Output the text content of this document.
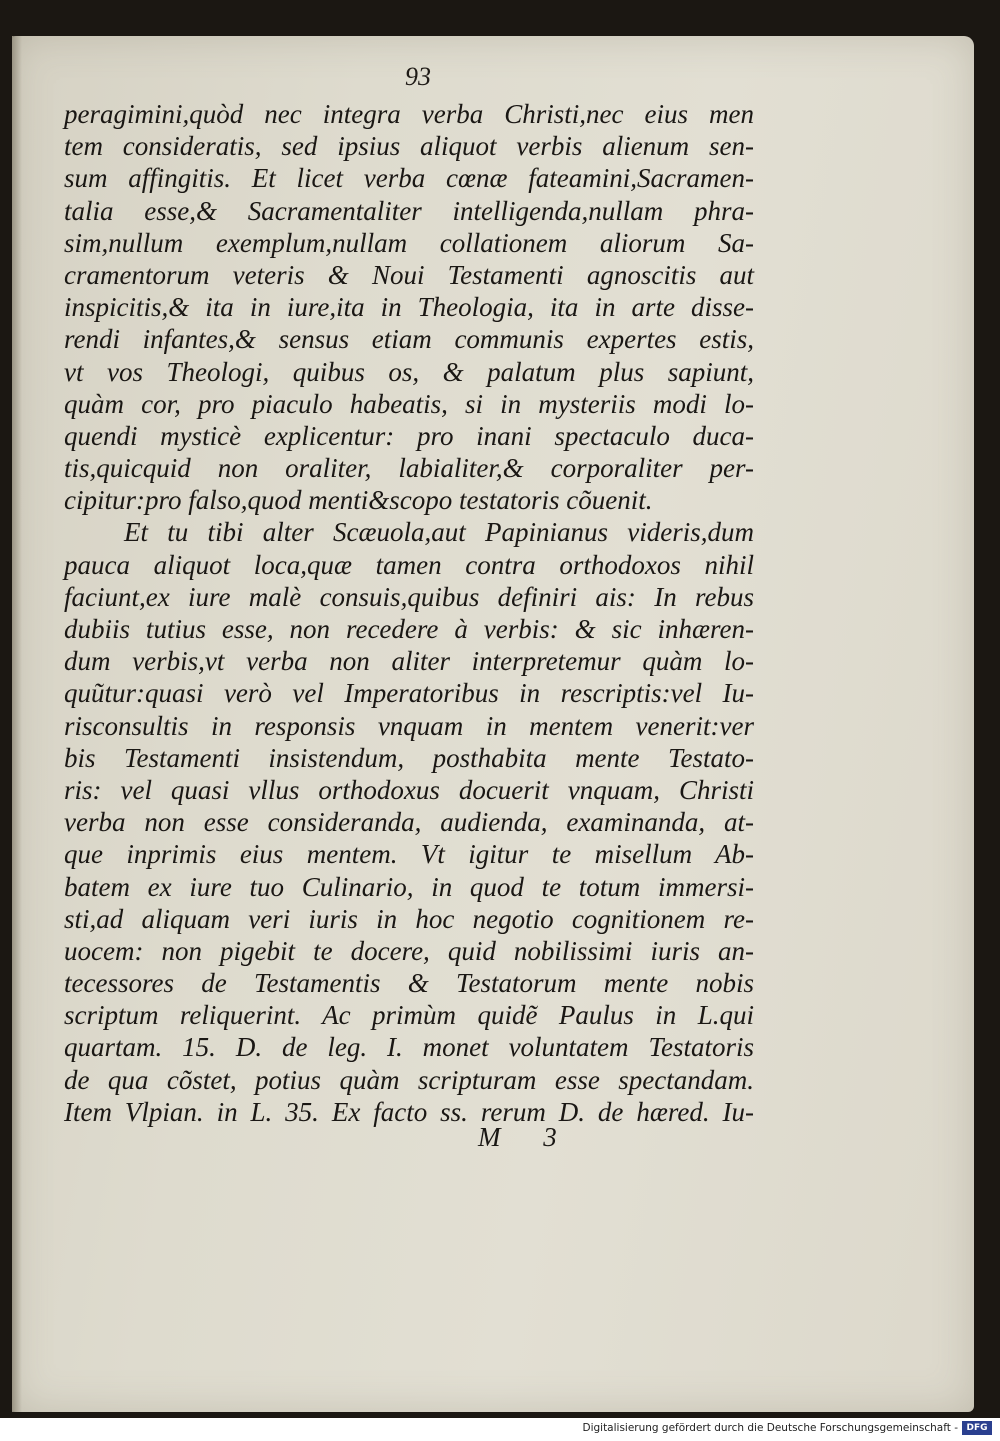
93
peragimini,quòd nec integra verba Christi,nec eius men
tem consideratis, sed ipsius aliquot verbis alienum sen-
sum affingitis. Et licet verba cœnæ fateamini,Sacramen-
talia esse,& Sacramentaliter intelligenda,nullam phra-
sim,nullum exemplum,nullam collationem aliorum Sa-
cramentorum veteris & Noui Testamenti agnoscitis aut
inspicitis,& ita in iure,ita in Theologia, ita in arte disse-
rendi infantes,& sensus etiam communis expertes estis,
vt vos Theologi, quibus os, & palatum plus sapiunt,
quàm cor, pro piaculo habeatis, si in mysteriis modi lo-
quendi mysticè explicentur: pro inani spectaculo duca-
tis,quicquid non oraliter, labialiter,& corporaliter per-
cipitur:pro falso,quod menti&scopo testatoris cõuenit.
Et tu tibi alter Scæuola,aut Papinianus videris,dum
pauca aliquot loca,quæ tamen contra orthodoxos nihil
faciunt,ex iure malè consuis,quibus definiri ais: In rebus
dubiis tutius esse, non recedere à verbis: & sic inhæren-
dum verbis,vt verba non aliter interpretemur quàm lo-
quũtur:quasi verò vel Imperatoribus in rescriptis:vel Iu-
risconsultis in responsis vnquam in mentem venerit:ver
bis Testamenti insistendum, posthabita mente Testato-
ris: vel quasi vllus orthodoxus docuerit vnquam, Christi
verba non esse consideranda, audienda, examinanda, at-
que inprimis eius mentem. Vt igitur te misellum Ab-
batem ex iure tuo Culinario, in quod te totum immersi-
sti,ad aliquam veri iuris in hoc negotio cognitionem re-
uocem: non pigebit te docere, quid nobilissimi iuris an-
tecessores de Testamentis & Testatorum mente nobis
scriptum reliquerint. Ac primùm quidẽ Paulus in L.qui
quartam. 15. D. de leg. I. monet voluntatem Testatoris
de qua cõstet, potius quàm scripturam esse spectandam.
Item Vlpian. in L. 35. Ex facto ss. rerum D. de hæred. Iu-
M 3
Digitalisierung gefördert durch die Deutsche Forschungsgemeinschaft - DFG
